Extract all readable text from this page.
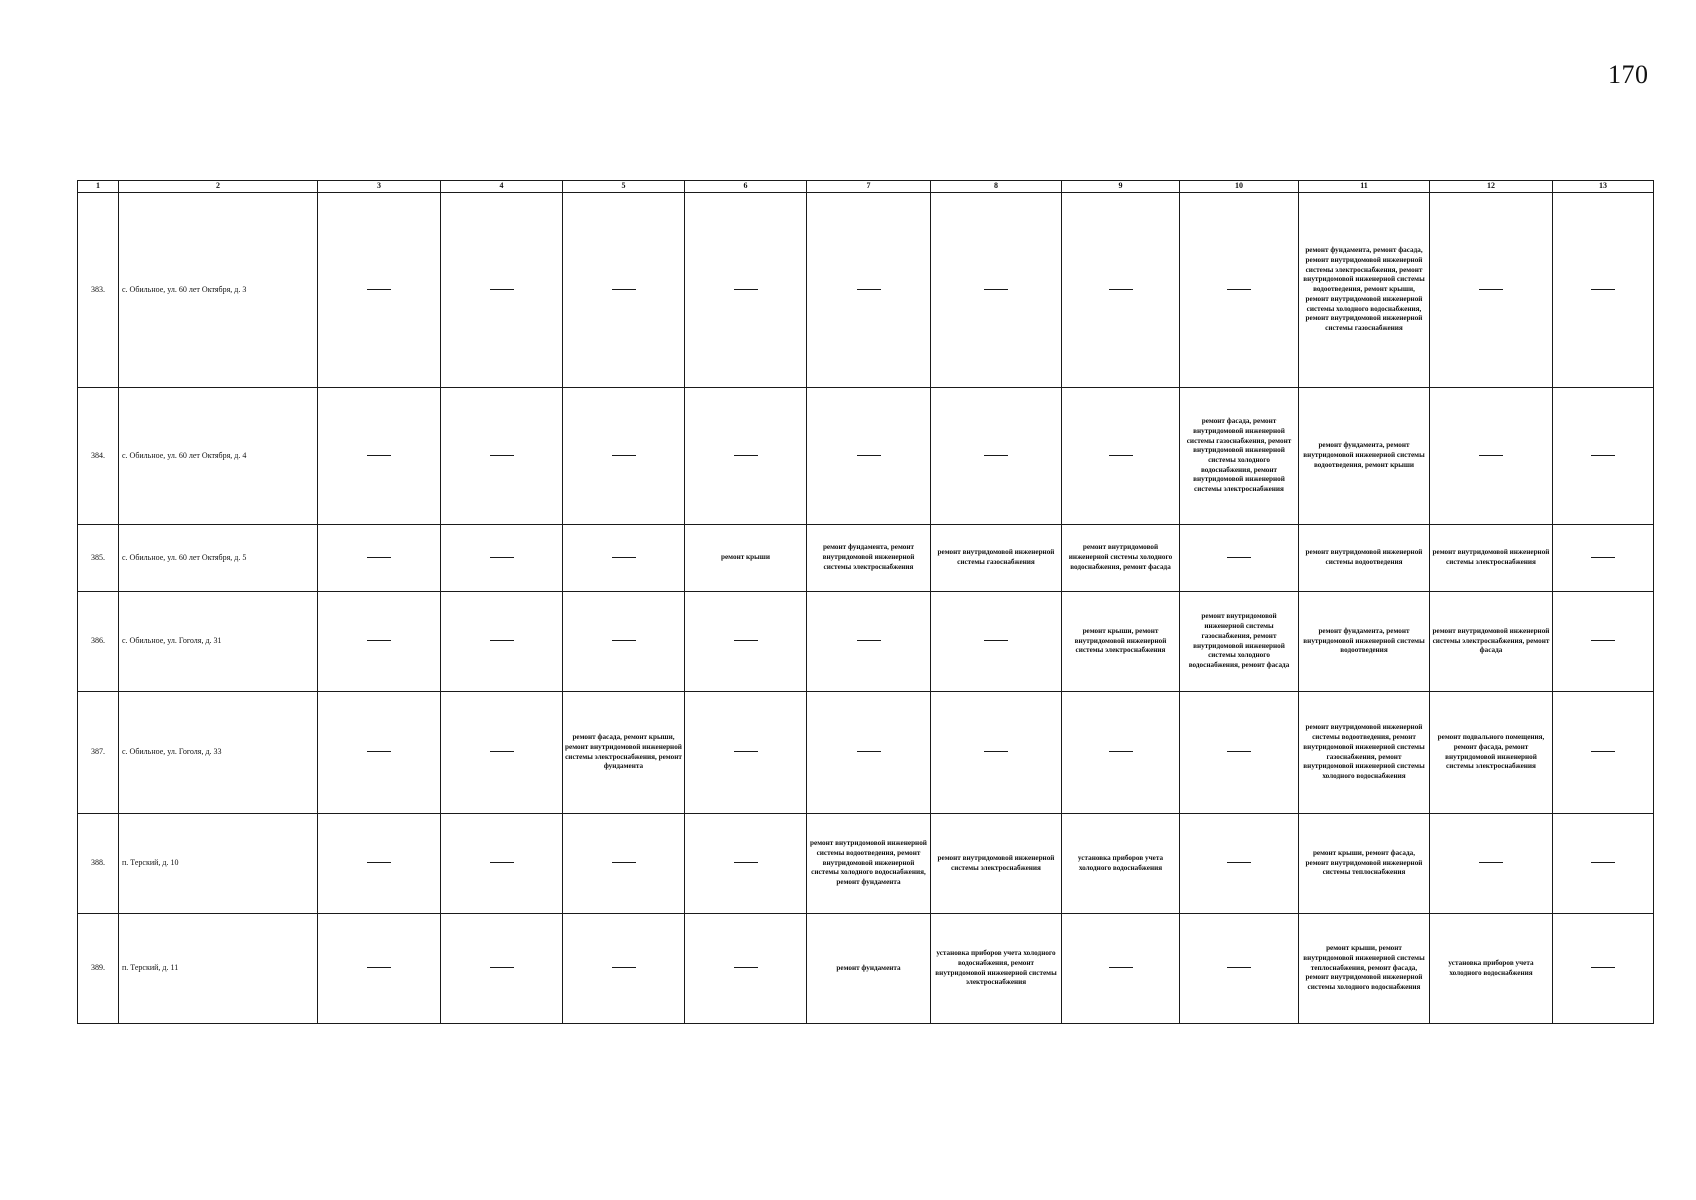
170
1	2	3	4	5	6	7	8	9	10	11	12	13
383.	с. Обильное, ул. 60 лет Октября, д. 3									ремонт фундамента, ремонт фасада, ремонт внутридомовой инженерной системы электроснабжения, ремонт внутридомовой инженерной системы водоотведения, ремонт крыши, ремонт внутридомовой инженерной системы холодного водоснабжения, ремонт внутридомовой инженерной системы газоснабжения		

384.	с. Обильное, ул. 60 лет Октября, д. 4								ремонт фасада, ремонт внутридомовой инженерной системы газоснабжения, ремонт внутридомовой инженерной системы холодного водоснабжения, ремонт внутридомовой инженерной системы электроснабжения	ремонт фундамента, ремонт внутридомовой инженерной системы водоотведения, ремонт крыши		

385.	с. Обильное, ул. 60 лет Октября, д. 5				ремонт крыши	ремонт фундамента, ремонт внутридомовой инженерной системы электроснабжения	ремонт внутридомовой инженерной системы газоснабжения	ремонт внутридомовой инженерной системы холодного водоснабжения, ремонт фасада		ремонт внутридомовой инженерной системы водоотведения	ремонт внутридомовой инженерной системы электроснабжения	

386.	с. Обильное, ул. Гоголя, д. 31							ремонт крыши, ремонт внутридомовой инженерной системы электроснабжения	ремонт внутридомовой инженерной системы газоснабжения, ремонт внутридомовой инженерной системы холодного водоснабжения, ремонт фасада	ремонт фундамента, ремонт внутридомовой инженерной системы водоотведения	ремонт внутридомовой инженерной системы электроснабжения, ремонт фасада	

387.	с. Обильное, ул. Гоголя, д. 33			ремонт фасада, ремонт крыши, ремонт внутридомовой инженерной системы электроснабжения, ремонт фундамента						ремонт внутридомовой инженерной системы водоотведения, ремонт внутридомовой инженерной системы газоснабжения, ремонт внутридомовой инженерной системы холодного водоснабжения	ремонт подвального помещения, ремонт фасада, ремонт внутридомовой инженерной системы электроснабжения	

388.	п. Терский, д. 10					ремонт внутридомовой инженерной системы водоотведения, ремонт внутридомовой инженерной системы холодного водоснабжения, ремонт фундамента	ремонт внутридомовой инженерной системы электроснабжения	установка приборов учета холодного водоснабжения		ремонт крыши, ремонт фасада, ремонт внутридомовой инженерной системы теплоснабжения		

389.	п. Терский, д. 11					ремонт фундамента	установка приборов учета холодного водоснабжения, ремонт внутридомовой инженерной системы электроснабжения			ремонт крыши, ремонт внутридомовой инженерной системы теплоснабжения, ремонт фасада, ремонт внутридомовой инженерной системы холодного водоснабжения	установка приборов учета холодного водоснабжения	
